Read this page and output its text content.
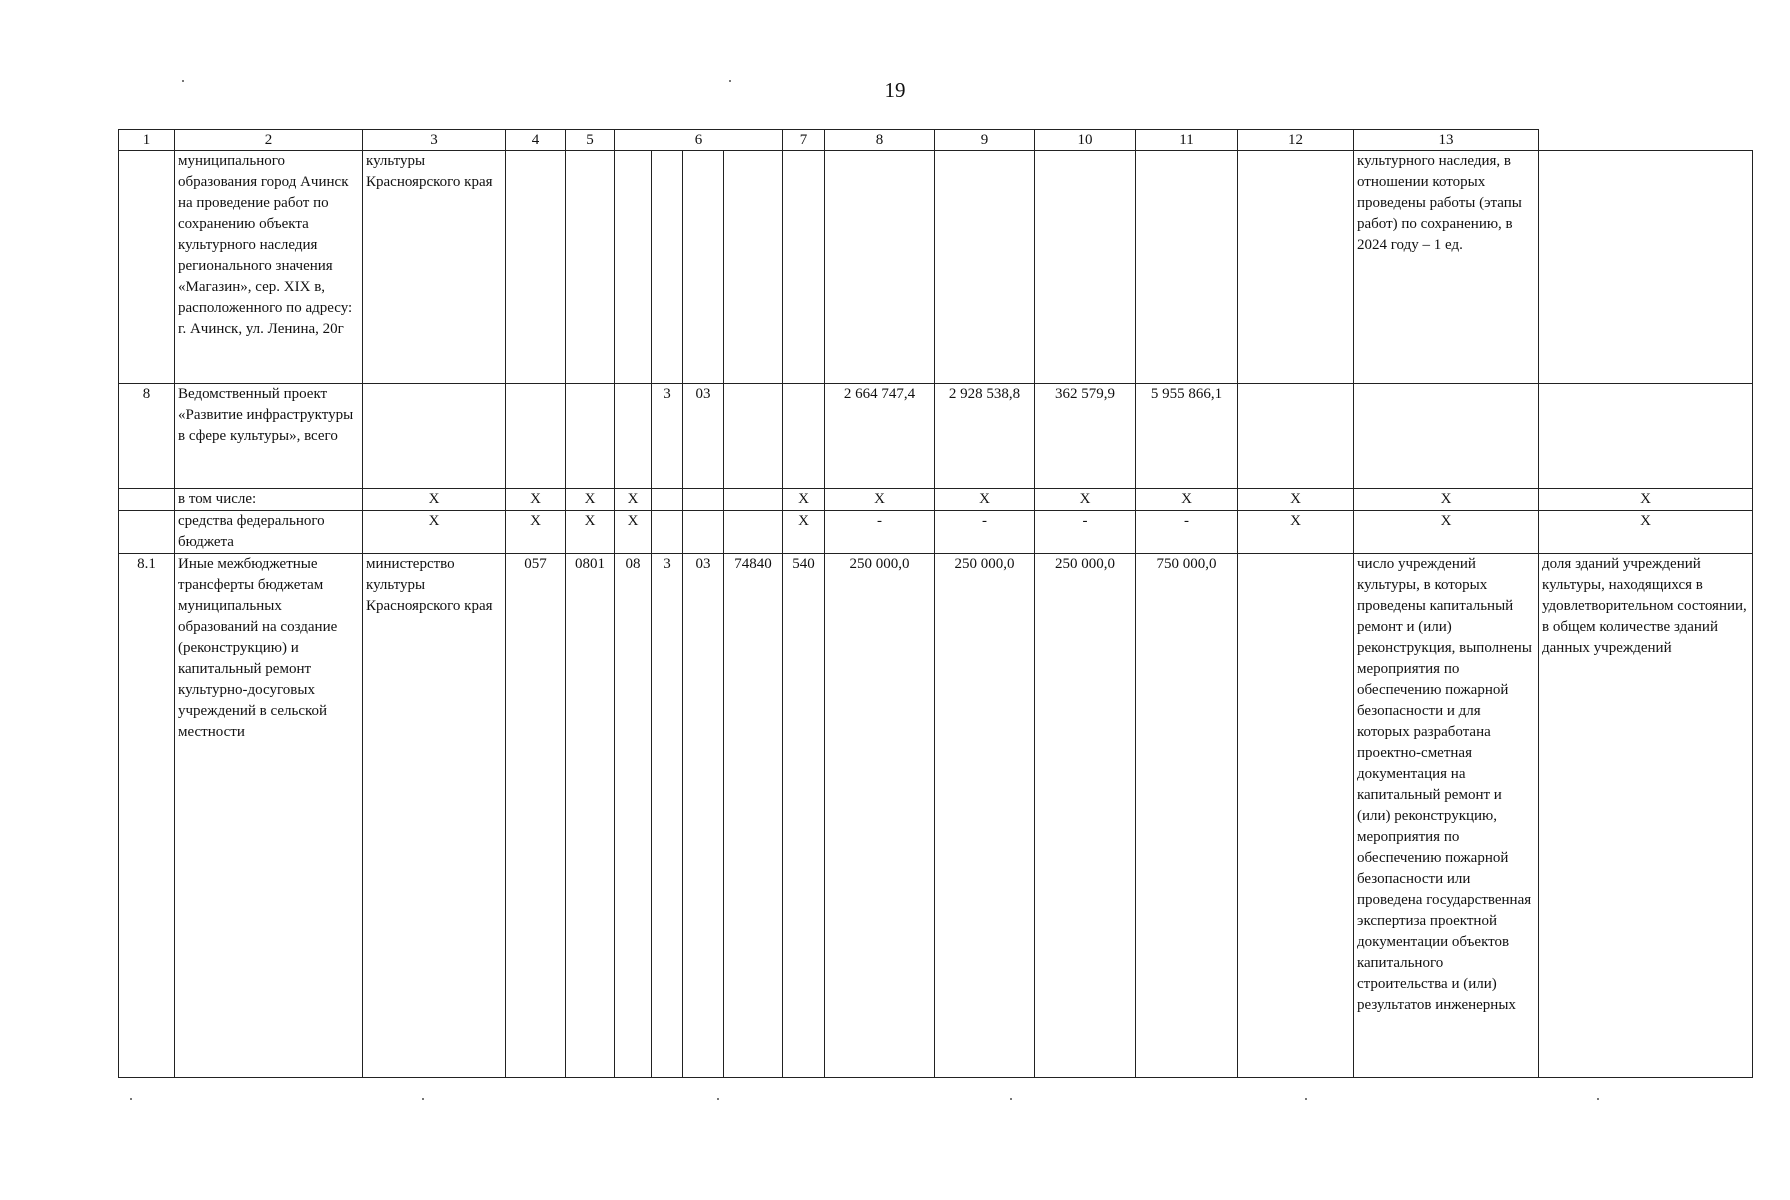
19
1	2	3	4	5	6				7	8	9	10	11	12	13	
	муниципального образования город Ачинск на проведение работ по сохранению объекта культурного наследия регионального значения «Магазин», сер. XIX в, расположенного по адресу: г. Ачинск, ул. Ленина, 20г	культуры Красноярского края													культурного наследия, в отношении которых проведены работы (этапы работ) по сохранению, в 2024 году – 1 ед.	
8	Ведомственный проект «Развитие инфраструктуры в сфере культуры», всего					3	03			2 664 747,4	2 928 538,8	362 579,9	5 955 866,1			
	в том числе:	Х	Х	Х	Х				Х	Х	Х	Х	Х	Х	Х	Х
	средства федерального бюджета	Х	Х	Х	Х				Х	-	-	-	-	Х	Х	Х
8.1	Иные межбюджетные трансферты бюджетам муниципальных образований на создание (реконструкцию) и капитальный ремонт культурно-досуговых учреждений в сельской местности	министерство культуры Красноярского края	057	0801	08	3	03	74840	540	250 000,0	250 000,0	250 000,0	750 000,0		число учреждений культуры, в которых проведены капитальный ремонт и (или) реконструкция, выполнены мероприятия по обеспечению пожарной безопасности и для которых разработана проектно-сметная документация на капитальный ремонт и (или) реконструкцию, мероприятия по обеспечению пожарной безопасности или проведена государственная экспертиза проектной документации объектов капитального строительства и (или) результатов инженерных	доля зданий учреждений культуры, находящихся в удовлетворительном состоянии, в общем количестве зданий данных учреждений
